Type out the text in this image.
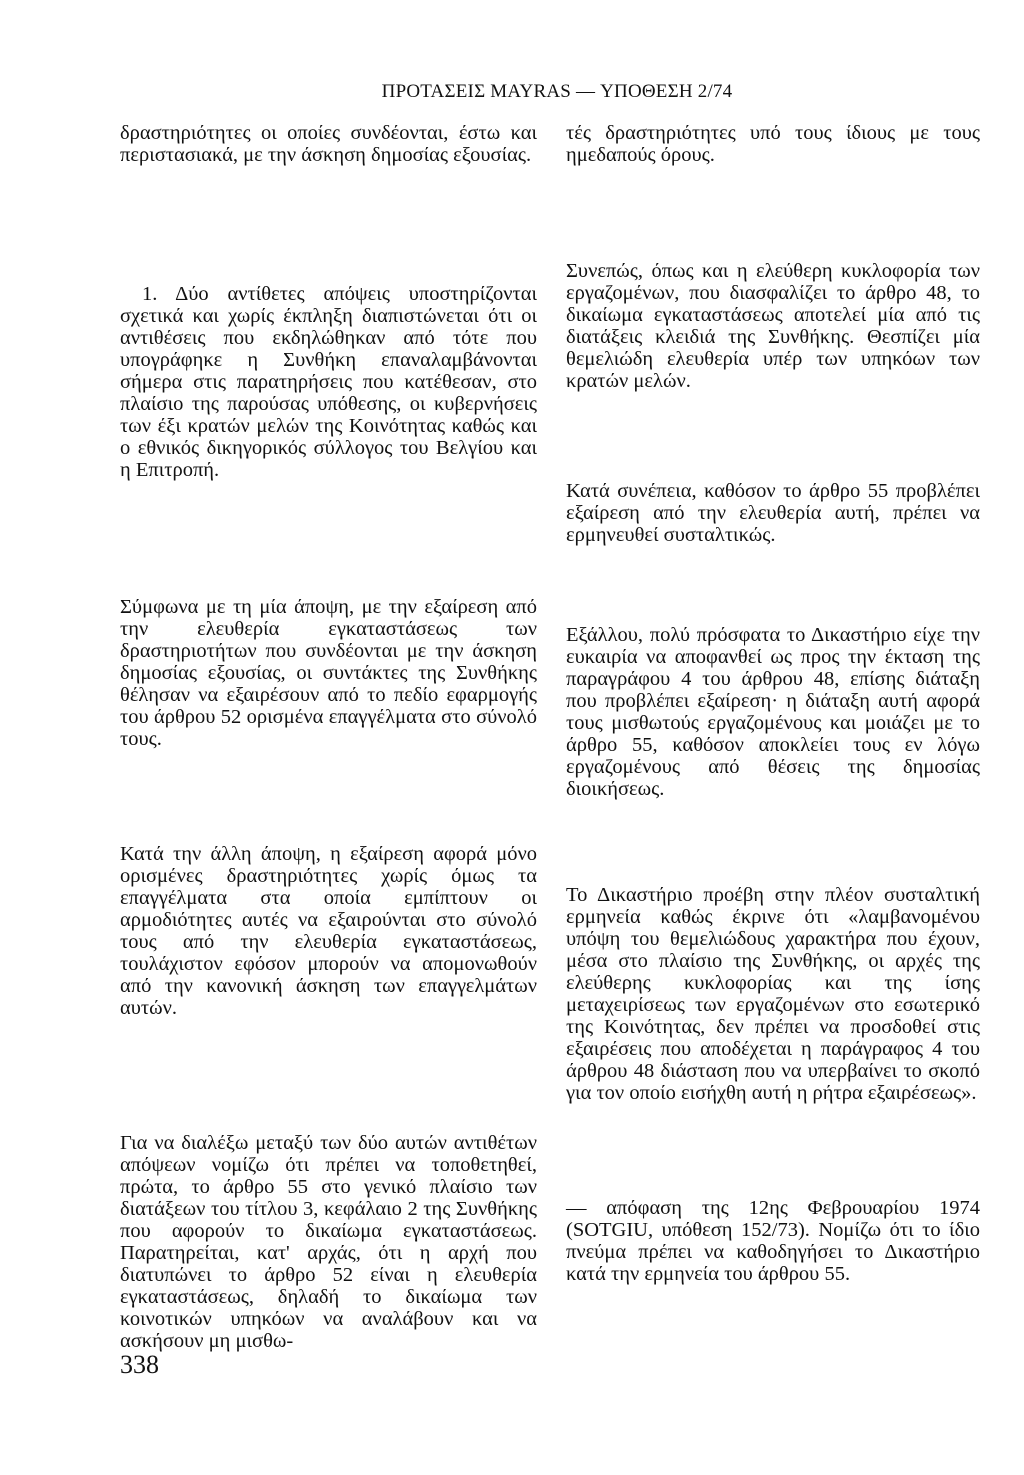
ΠΡΟΤΑΣΕΙΣ MAYRAS — ΥΠΟΘΕΣΗ 2/74

δραστηριότητες οι οποίες συνδέονται, έστω και περιστασιακά, με την άσκηση δημοσίας εξουσίας.

1. Δύο αντίθετες απόψεις υποστηρίζονται σχετικά και χωρίς έκπληξη διαπιστώνεται ότι οι αντιθέσεις που εκδηλώθηκαν από τότε που υπογράφηκε η Συνθήκη επαναλαμβάνονται σήμερα στις παρατηρήσεις που κατέθεσαν, στο πλαίσιο της παρούσας υπόθεσης, οι κυβερνήσεις των έξι κρατών μελών της Κοινότητας καθώς και ο εθνικός δικηγορικός σύλλογος του Βελγίου και η Επιτροπή.

Σύμφωνα με τη μία άποψη, με την εξαίρεση από την ελευθερία εγκαταστάσεως των δραστηριοτήτων που συνδέονται με την άσκηση δημοσίας εξουσίας, οι συντάκτες της Συνθήκης θέλησαν να εξαιρέσουν από το πεδίο εφαρμογής του άρθρου 52 ορισμένα επαγγέλματα στο σύνολό τους.

Κατά την άλλη άποψη, η εξαίρεση αφορά μόνο ορισμένες δραστηριότητες χωρίς όμως τα επαγγέλματα στα οποία εμπίπτουν οι αρμοδιότητες αυτές να εξαιρούνται στο σύνολό τους από την ελευθερία εγκαταστάσεως, τουλάχιστον εφόσον μπορούν να απομονωθούν από την κανονική άσκηση των επαγγελμάτων αυτών.

Για να διαλέξω μεταξύ των δύο αυτών αντιθέτων απόψεων νομίζω ότι πρέπει να τοποθετηθεί, πρώτα, το άρθρο 55 στο γενικό πλαίσιο των διατάξεων του τίτλου 3, κεφάλαιο 2 της Συνθήκης που αφορούν το δικαίωμα εγκαταστάσεως. Παρατηρείται, κατ' αρχάς, ότι η αρχή που διατυπώνει το άρθρο 52 είναι η ελευθερία εγκαταστάσεως, δηλαδή το δικαίωμα των κοινοτικών υπηκόων να αναλάβουν και να ασκήσουν μη μισθω-

τές δραστηριότητες υπό τους ίδιους με τους ημεδαπούς όρους.

Συνεπώς, όπως και η ελεύθερη κυκλοφορία των εργαζομένων, που διασφαλίζει το άρθρο 48, το δικαίωμα εγκαταστάσεως αποτελεί μία από τις διατάξεις κλειδιά της Συνθήκης. Θεσπίζει μία θεμελιώδη ελευθερία υπέρ των υπηκόων των κρατών μελών.

Κατά συνέπεια, καθόσον το άρθρο 55 προβλέπει εξαίρεση από την ελευθερία αυτή, πρέπει να ερμηνευθεί συσταλτικώς.

Εξάλλου, πολύ πρόσφατα το Δικαστήριο είχε την ευκαιρία να αποφανθεί ως προς την έκταση της παραγράφου 4 του άρθρου 48, επίσης διάταξη που προβλέπει εξαίρεση· η διάταξη αυτή αφορά τους μισθωτούς εργαζομένους και μοιάζει με το άρθρο 55, καθόσον αποκλείει τους εν λόγω εργαζομένους από θέσεις της δημοσίας διοικήσεως.

Το Δικαστήριο προέβη στην πλέον συσταλτική ερμηνεία καθώς έκρινε ότι «λαμβανομένου υπόψη του θεμελιώδους χαρακτήρα που έχουν, μέσα στο πλαίσιο της Συνθήκης, οι αρχές της ελεύθερης κυκλοφορίας και της ίσης μεταχειρίσεως των εργαζομένων στο εσωτερικό της Κοινότητας, δεν πρέπει να προσδοθεί στις εξαιρέσεις που αποδέχεται η παράγραφος 4 του άρθρου 48 διάσταση που να υπερβαίνει το σκοπό για τον οποίο εισήχθη αυτή η ρήτρα εξαιρέσεως».

— απόφαση της 12ης Φεβρουαρίου 1974 (SOTGIU, υπόθεση 152/73). Νομίζω ότι το ίδιο πνεύμα πρέπει να καθοδηγήσει το Δικαστήριο κατά την ερμηνεία του άρθρου 55.

338
